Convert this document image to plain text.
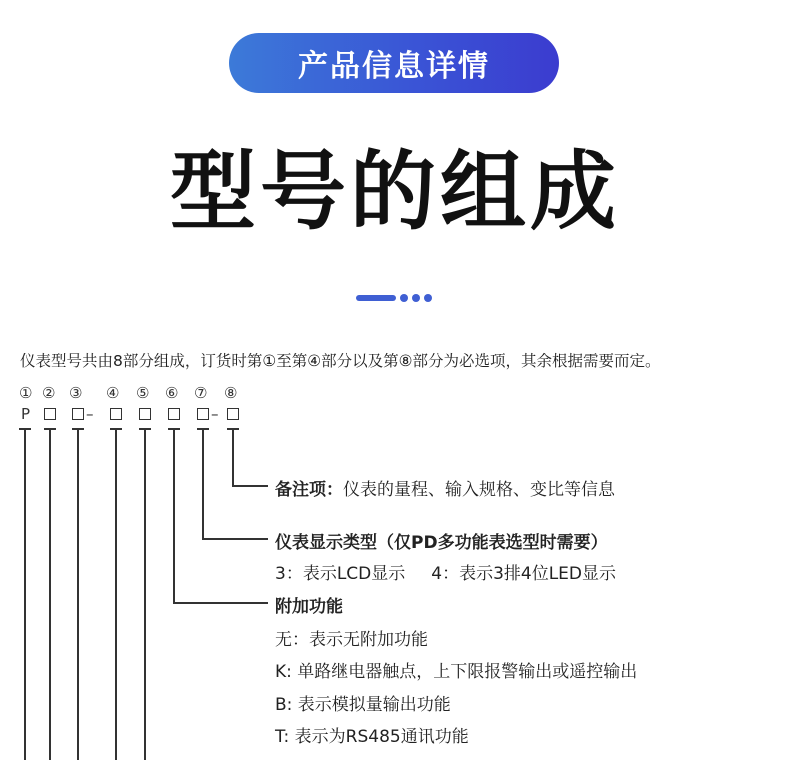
产品信息详情
型号的组成
仪表型号共由8部分组成，订货时第①至第④部分以及第⑧部分为必选项，其余根据需要而定。
① ② ③ ④ ⑤ ⑥ ⑦ ⑧
P	–	–
备注项：仪表的量程、输入规格、变比等信息
仪表显示类型（仅PD多功能表选型时需要）
3：表示LCD显示 4：表示3排4位LED显示
附加功能
无：表示无附加功能
K: 单路继电器触点，上下限报警输出或遥控输出
B: 表示模拟量输出功能
T: 表示为RS485通讯功能
